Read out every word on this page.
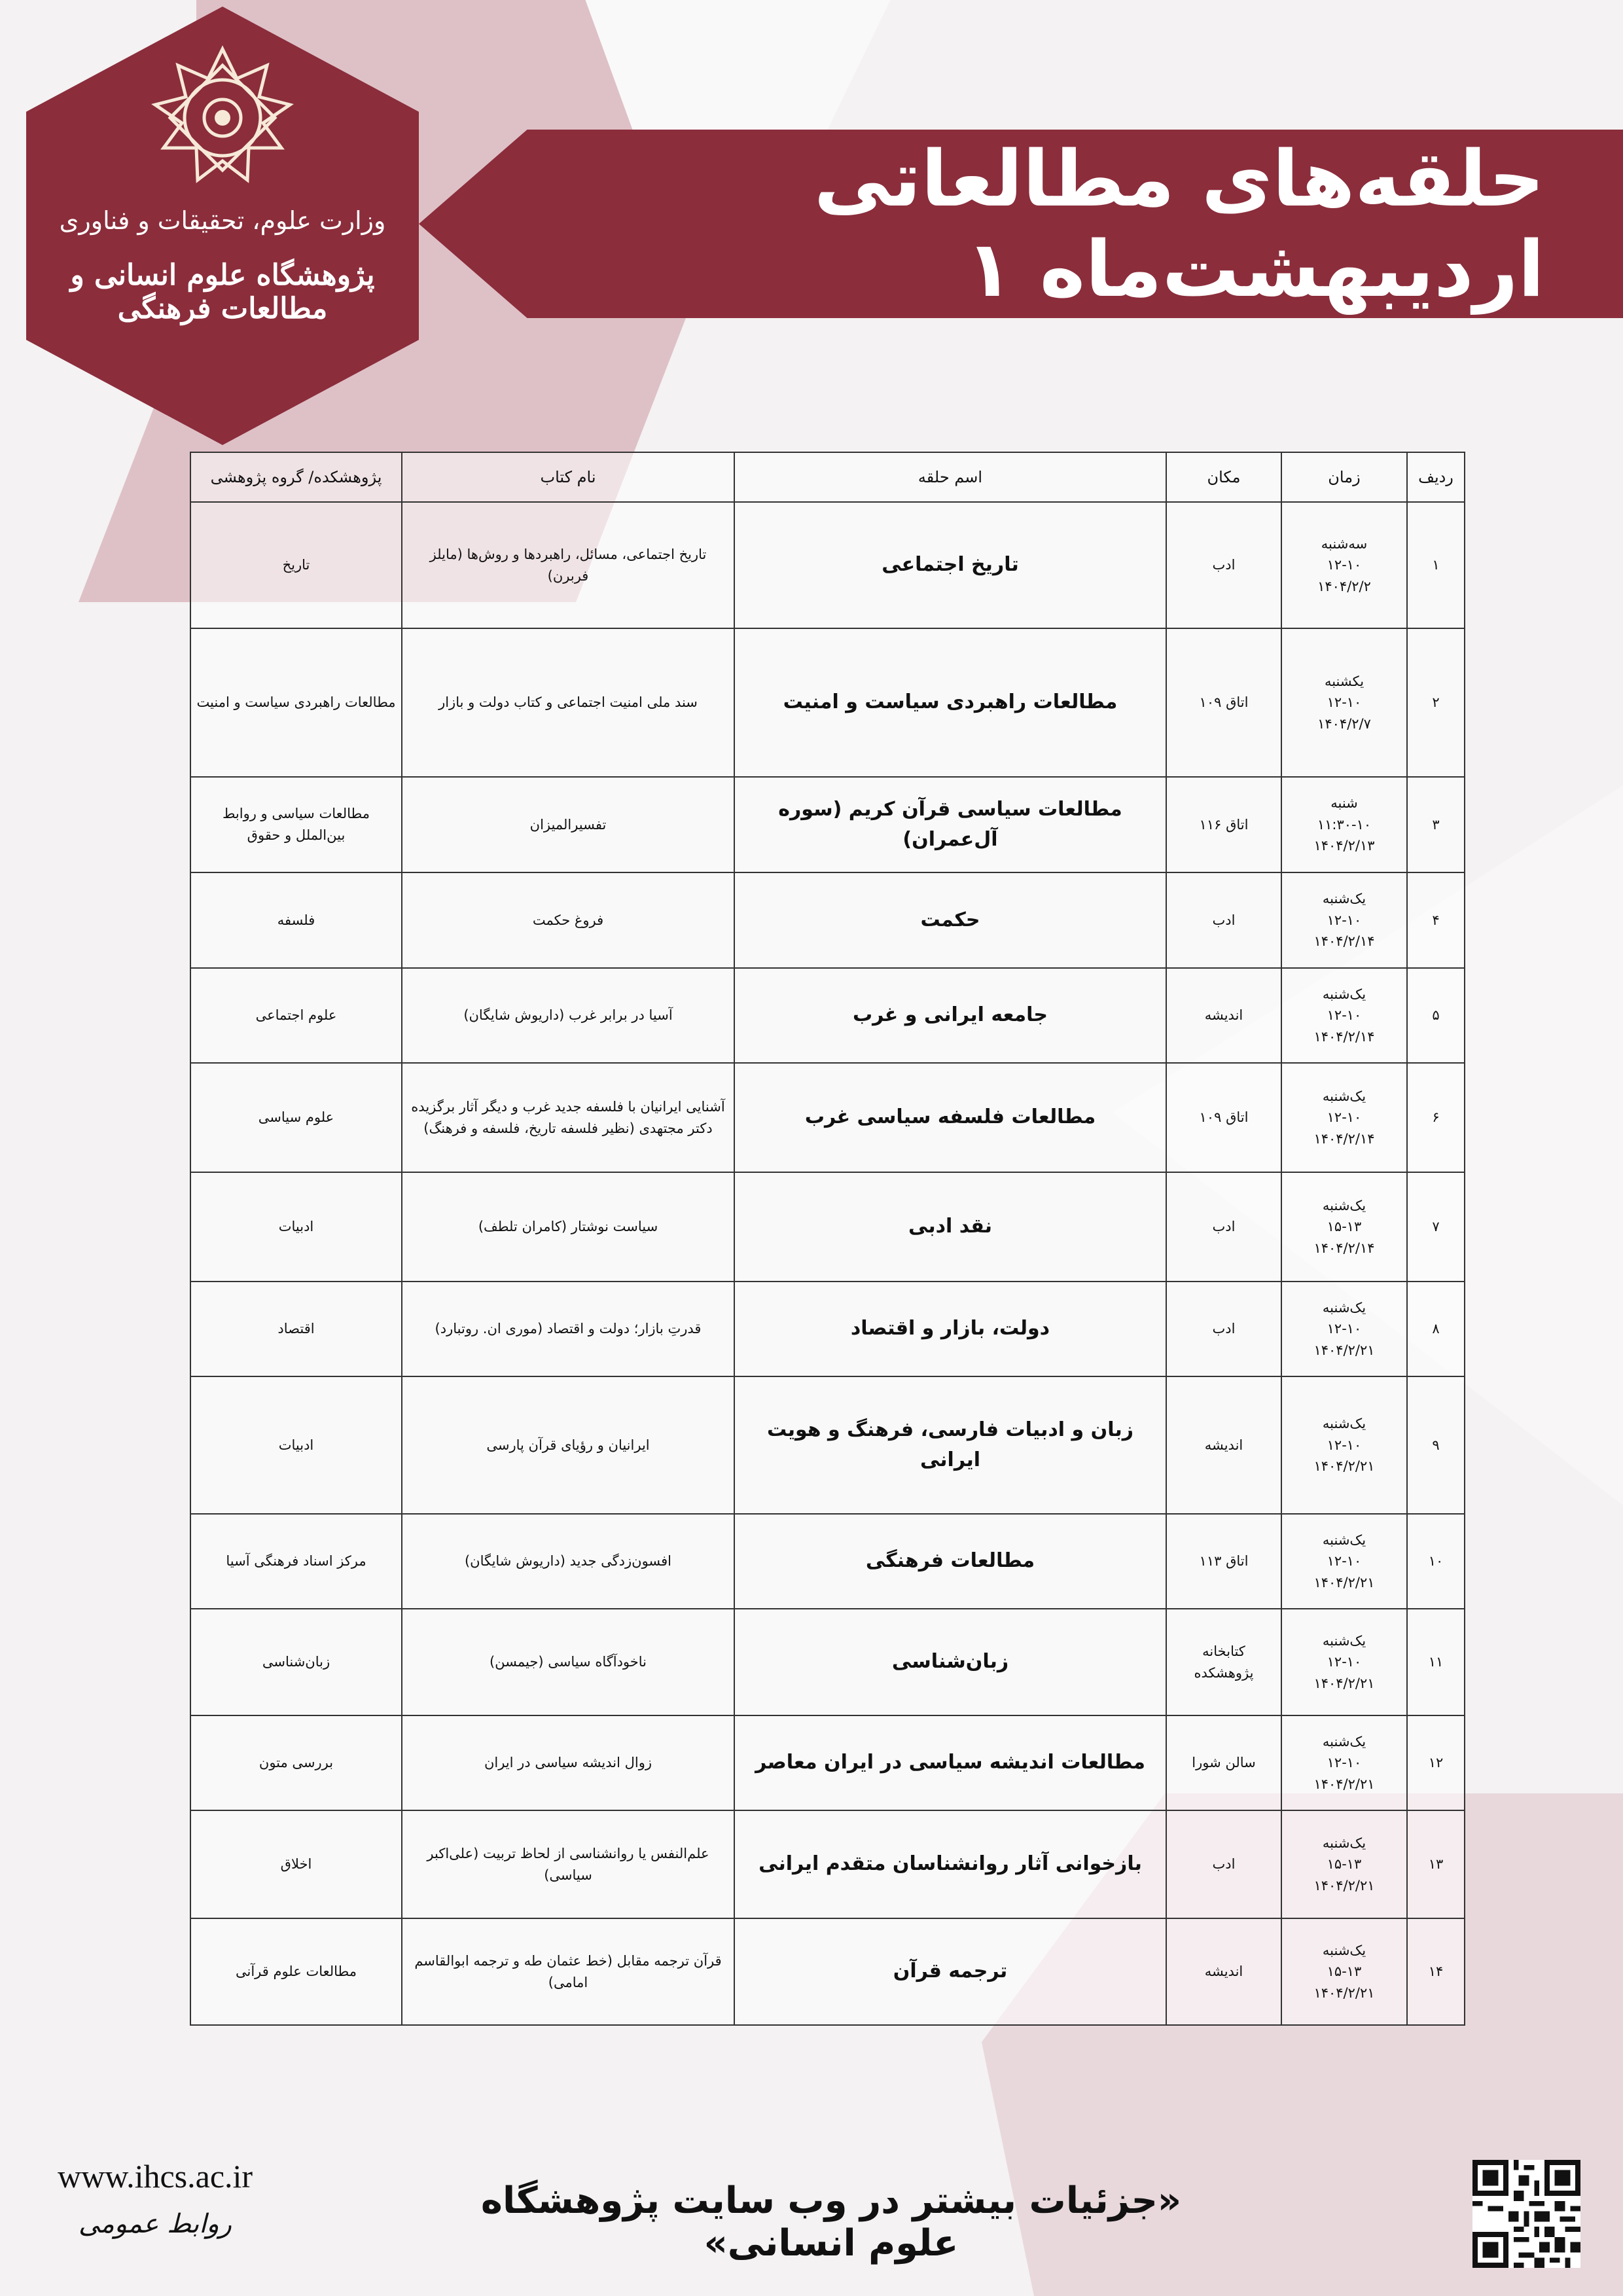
حلقه‌های مطالعاتی اردیبهشت‌ماه ۱
وزارت علوم، تحقیقات و فناوری
پژوهشگاه علوم انسانی و مطالعات فرهنگی
ردیف	زمان	مکان	اسم حلقه	نام کتاب	پژوهشکده/ گروه پژوهشی
۱	سه‌شنبه
۱۲-۱۰
۱۴۰۴/۲/۲	ادب	تاریخ اجتماعی	تاریخ اجتماعی، مسائل، راهبردها و روش‌ها (مایلز فربرن)	تاریخ
۲	یکشنبه
۱۲-۱۰
۱۴۰۴/۲/۷	اتاق ۱۰۹	مطالعات راهبردی سیاست و امنیت	سند ملی امنیت اجتماعی و کتاب دولت و بازار	مطالعات راهبردی سیاست و امنیت
۳	شنبه
۱۱:۳۰-۱۰
۱۴۰۴/۲/۱۳	اتاق ۱۱۶	مطالعات سیاسی قرآن کریم (سوره آل‌عمران)	تفسیرالمیزان	مطالعات سیاسی و روابط بین‌الملل و حقوق
۴	یک‌شنبه
۱۲-۱۰
۱۴۰۴/۲/۱۴	ادب	حکمت	فروغ حکمت	فلسفه
۵	یک‌شنبه
۱۲-۱۰
۱۴۰۴/۲/۱۴	اندیشه	جامعه ایرانی و غرب	آسیا در برابر غرب (داریوش شایگان)	علوم اجتماعی
۶	یک‌شنبه
۱۲-۱۰
۱۴۰۴/۲/۱۴	اتاق ۱۰۹	مطالعات فلسفه سیاسی غرب	آشنایی ایرانیان با فلسفه جدید غرب و دیگر آثار برگزیده دکتر مجتهدی (نظیر فلسفه تاریخ، فلسفه و فرهنگ)	علوم سیاسی
۷	یک‌شنبه
۱۵-۱۳
۱۴۰۴/۲/۱۴	ادب	نقد ادبی	سیاست نوشتار (کامران تلطف)	ادبیات
۸	یک‌شنبه
۱۲-۱۰
۱۴۰۴/۲/۲۱	ادب	دولت، بازار و اقتصاد	قدرتِ بازار؛ دولت و اقتصاد (موری ان. روتبارد)	اقتصاد
۹	یک‌شنبه
۱۲-۱۰
۱۴۰۴/۲/۲۱	اندیشه	زبان و ادبیات فارسی، فرهنگ و هویت ایرانی	ایرانیان و رؤیای قرآن پارسی	ادبیات
۱۰	یک‌شنبه
۱۲-۱۰
۱۴۰۴/۲/۲۱	اتاق ۱۱۳	مطالعات فرهنگی	افسون‌زدگی جدید (داریوش شایگان)	مرکز اسناد فرهنگی آسیا
۱۱	یک‌شنبه
۱۲-۱۰
۱۴۰۴/۲/۲۱	کتابخانه پژوهشکده	زبان‌شناسی	ناخودآگاه سیاسی (جیمسن)	زبان‌شناسی
۱۲	یک‌شنبه
۱۲-۱۰
۱۴۰۴/۲/۲۱	سالن شورا	مطالعات اندیشه سیاسی در ایران معاصر	زوال اندیشه سیاسی در ایران	بررسی متون
۱۳	یک‌شنبه
۱۵-۱۳
۱۴۰۴/۲/۲۱	ادب	بازخوانی آثار روانشناسان متقدم ایرانی	علم‌النفس یا روانشناسی از لحاظ تربیت (علی‌اکبر سیاسی)	اخلاق
۱۴	یک‌شنبه
۱۵-۱۳
۱۴۰۴/۲/۲۱	اندیشه	ترجمه قرآن	قرآن ترجمه مقابل (خط عثمان طه و ترجمه ابوالقاسم امامی)	مطالعات علوم قرآنی
www.ihcs.ac.ir
روابط عمومی
«جزئیات بیشتر در وب سایت پژوهشگاه علوم انسانی»
